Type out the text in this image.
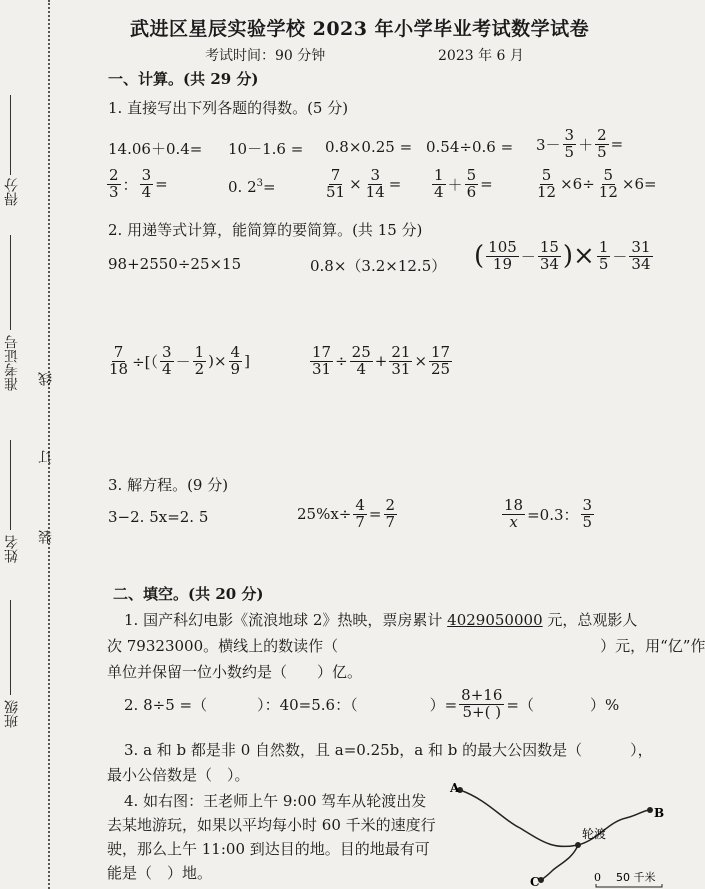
得分
准考证号
姓名
班级
线
订
装
武进区星辰实验学校 2023 年小学毕业考试数学试卷
考试时间：90 分钟	2023 年 6 月
一、计算。(共 29 分)
1. 直接写出下列各题的得数。(5 分)
14.06＋0.4= 10－1.6 = 0.8×0.25 = 0.54÷0.6 = 3－
3
$5 + \frac{2}{5}$ =
2
3 ： $\frac{3}{4}$ =	0. $2^3=$	$\frac{7}{51} \times \frac{3}{14}$ =
1
$4 + \frac{5}{6}$ =	$\frac{5}{12} \times 6\div \frac{5}{12} \times 6=$
2. 用递等式计算，能简算的要简算。(共 15 分)
98+2550÷25×15	0.8×（3.2×12.5） ( 105
19 －
15
34 )× $\frac{1}{5}$ －
31
34
$\frac{7}{18}$ ÷[（
3
4 －
1
2 )× $\frac{4}{9}$ ]	$\frac{17}{31} \div \frac{25}{4} + \frac{21}{31} \times \frac{17}{25}$
3. 解方程。(9 分)
3−2. 5x=2. 5	$25\%x\div \frac{4}{7} = \frac{2}{7}$	$\frac{18}{x} =0.3$：
3
5
二、填空。(共 20 分)
1. 国产科幻电影《流浪地球 2》热映，票房累计 4029050000 元，总观影人
次 79323000。横线上的数读作（	）元，用“亿”作
单位并保留一位小数约是（　　）亿。
2. 8÷5 =（	）：40=5.6：（	）= $\frac{8+16}{5+( )}$ =（	）%
3. a 和 b 都是非 0 自然数，且 a=0.25b，a 和 b 的最大公因数是（	），
最小公倍数是（　）。
4. 如右图：王老师上午 9:00 驾车从轮渡出发
去某地游玩，如果以平均每小时 60 千米的速度行
驶，那么上午 11:00 到达目的地。目的地最有可
能是（　）地。
A
B
C
轮渡
0 50 千米
